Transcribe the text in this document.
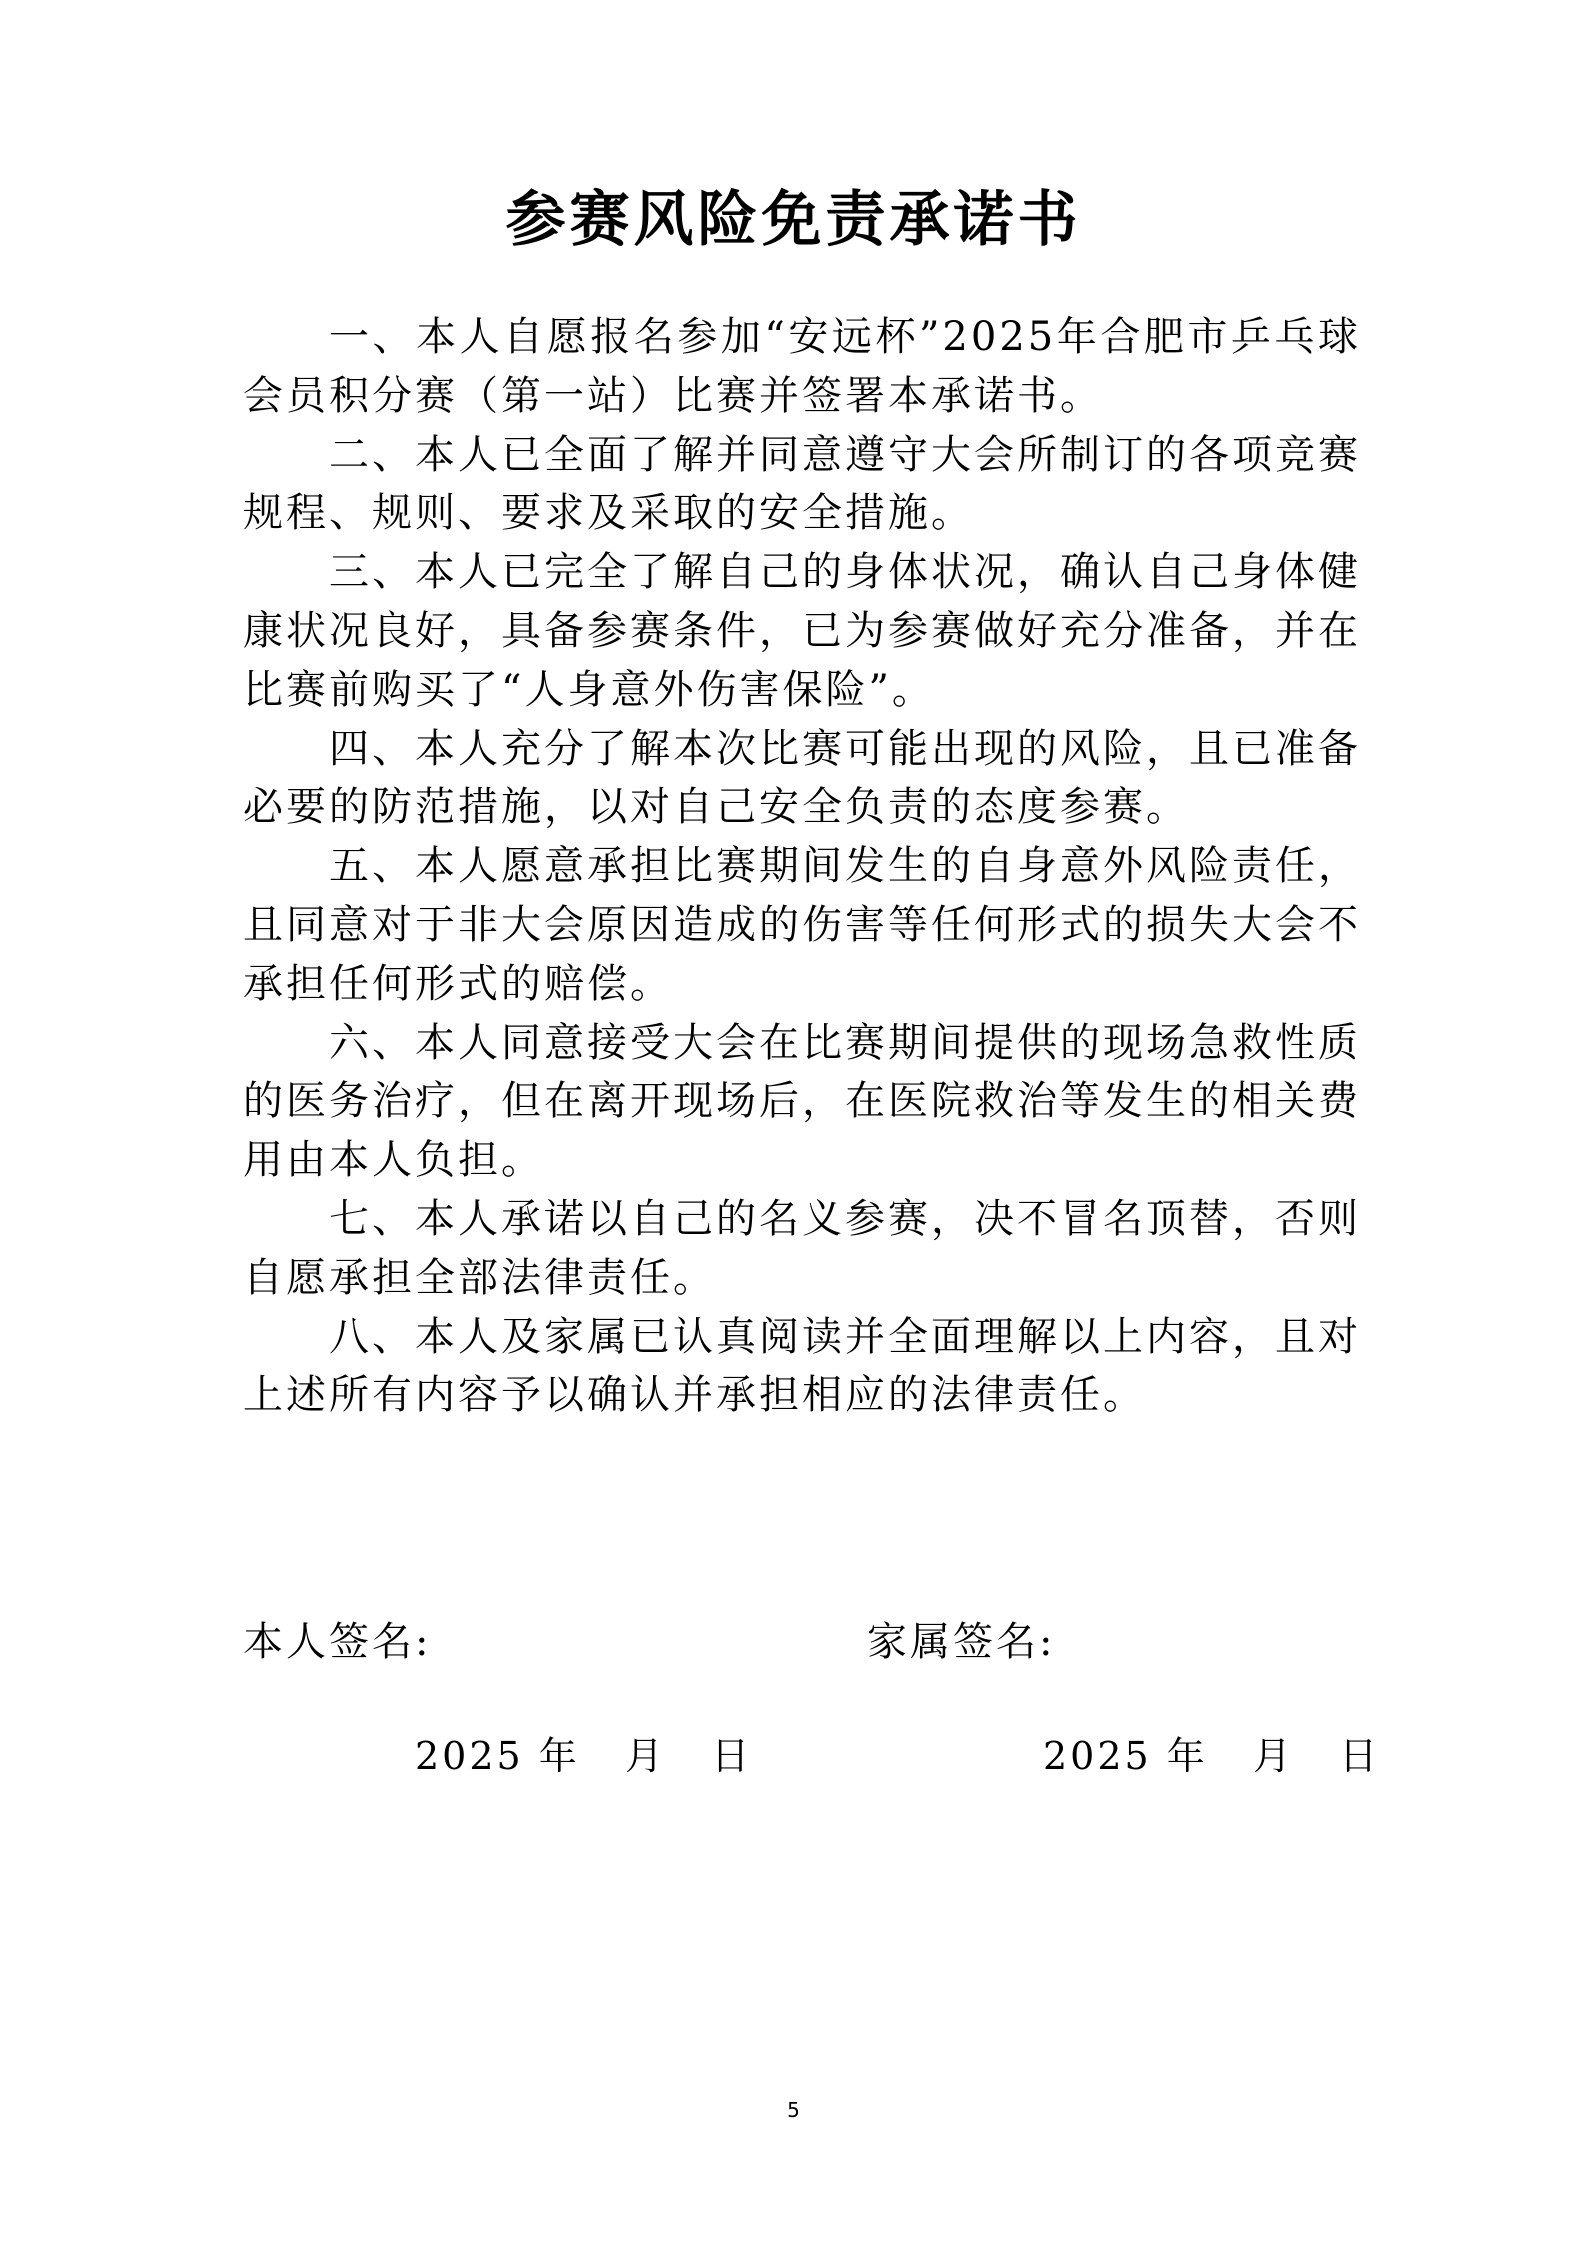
参赛风险免责承诺书

一、本人自愿报名参加“安远杯”2025年合肥市乒乓球会员积分赛（第一站）比赛并签署本承诺书。

二、本人已全面了解并同意遵守大会所制订的各项竞赛规程、规则、要求及采取的安全措施。

三、本人已完全了解自己的身体状况，确认自己身体健康状况良好，具备参赛条件，已为参赛做好充分准备，并在比赛前购买了“人身意外伤害保险”。

四、本人充分了解本次比赛可能出现的风险，且已准备必要的防范措施，以对自己安全负责的态度参赛。

五、本人愿意承担比赛期间发生的自身意外风险责任，且同意对于非大会原因造成的伤害等任何形式的损失大会不承担任何形式的赔偿。

六、本人同意接受大会在比赛期间提供的现场急救性质的医务治疗，但在离开现场后，在医院救治等发生的相关费用由本人负担。

七、本人承诺以自己的名义参赛，决不冒名顶替，否则自愿承担全部法律责任。

八、本人及家属已认真阅读并全面理解以上内容，且对上述所有内容予以确认并承担相应的法律责任。

本人签名:	家属签名:
2025 年   月   日	2025 年   月   日
5
